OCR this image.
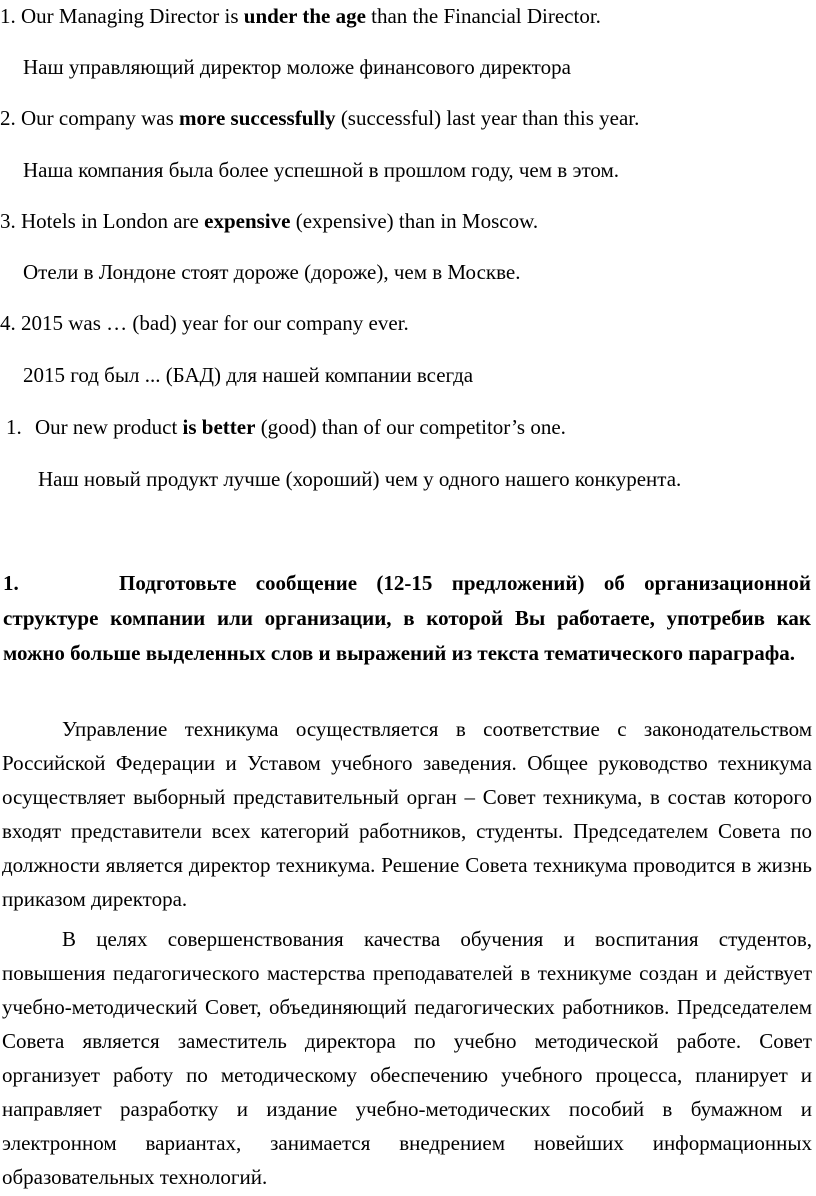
1. Our Managing Director is under the age than the Financial Director.
Наш управляющий директор моложе финансового директора
2. Our company was more successfully (successful) last year than this year.
Наша компания была более успешной в прошлом году, чем в этом.
3. Hotels in London are expensive (expensive) than in Moscow.
Отели в Лондоне стоят дороже (дороже), чем в Москве.
4. 2015 was … (bad) year for our company ever.
2015 год был ... (БАД) для нашей компании всегда
1. Our new product is better (good) than of our competitor’s one.
Наш новый продукт лучше (хороший) чем у одного нашего конкурента.
1.	Подготовьте сообщение (12-15 предложений) об организационной структуре компании или организации, в которой Вы работаете, употребив как можно больше выделенных слов и выражений из текста тематического параграфа.
Управление техникума осуществляется в соответствие с законодательством Российской Федерации и Уставом учебного заведения. Общее руководство техникума осуществляет выборный представительный орган – Совет техникума, в состав которого входят представители всех категорий работников, студенты. Председателем Совета по должности является директор техникума. Решение Совета техникума проводится в жизнь приказом директора.
В целях совершенствования качества обучения и воспитания студентов, повышения педагогического мастерства преподавателей в техникуме создан и действует учебно-методический Совет, объединяющий педагогических работников. Председателем Совета является заместитель директора по учебно методической работе. Совет организует работу по методическому обеспечению учебного процесса, планирует и направляет разработку и издание учебно-методических пособий в бумажном и электронном вариантах, занимается внедрением новейших информационных образовательных технологий.
